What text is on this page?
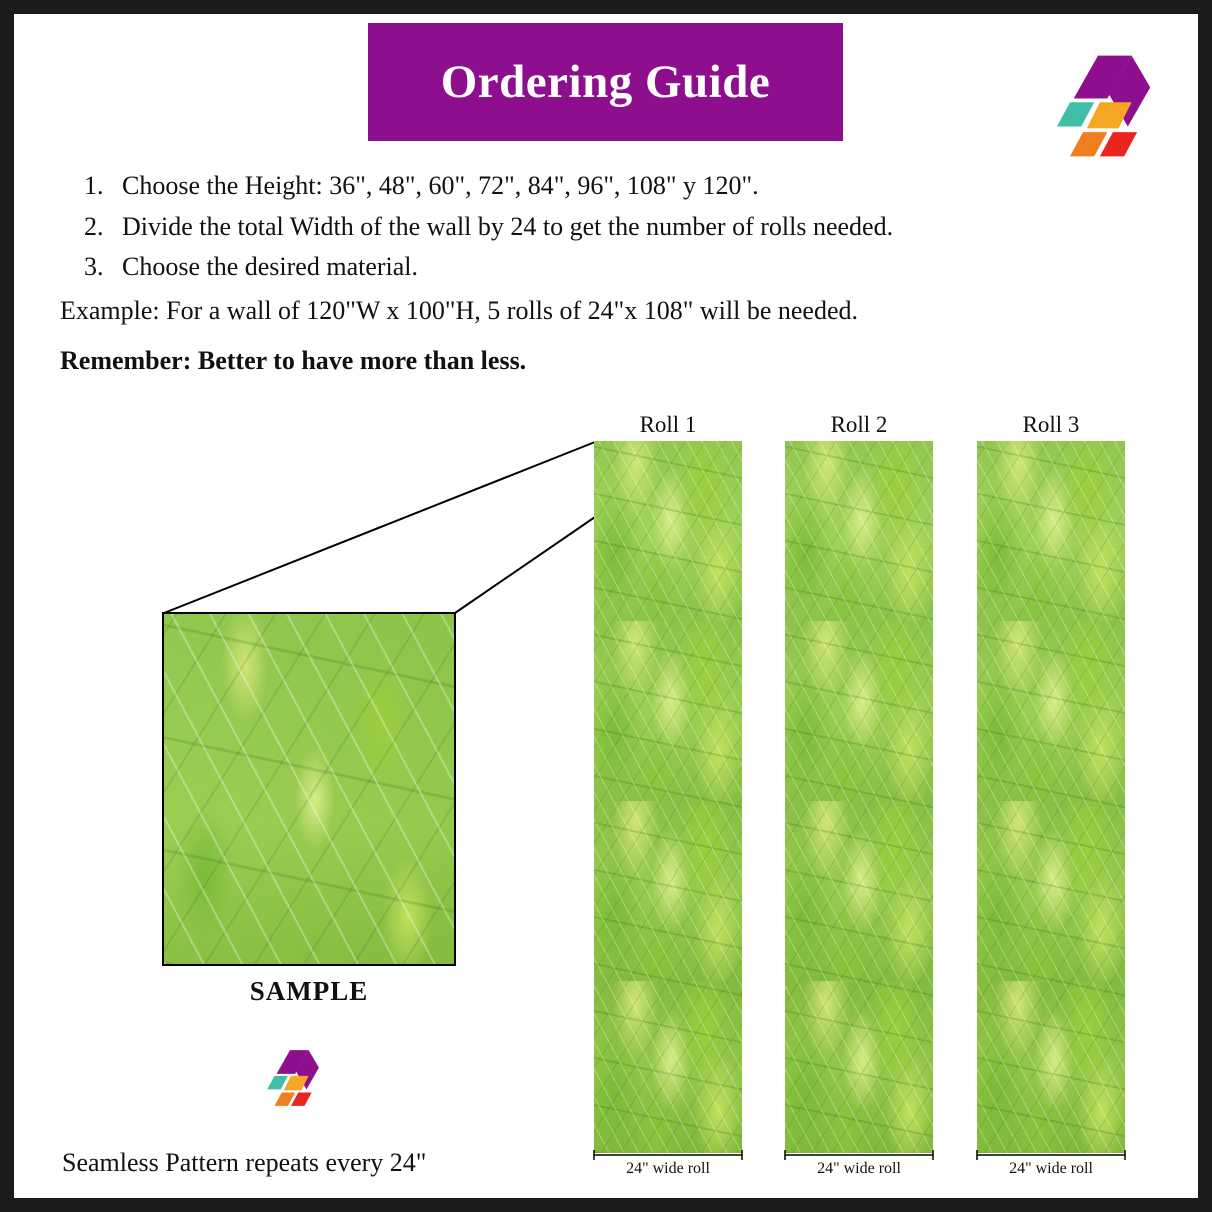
Ordering Guide
1. Choose the Height: 36", 48", 60", 72", 84", 96", 108" y 120".
2. Divide the total Width of the wall by 24 to get the number of rolls needed.
3. Choose the desired material.
Example: For a wall of 120"W x 100"H, 5 rolls of 24"x 108" will be needed.
Remember: Better to have more than less.
SAMPLE
Roll 1	Roll 2	Roll 3
24" wide roll	24" wide roll	24" wide roll
Seamless Pattern repeats every 24"
